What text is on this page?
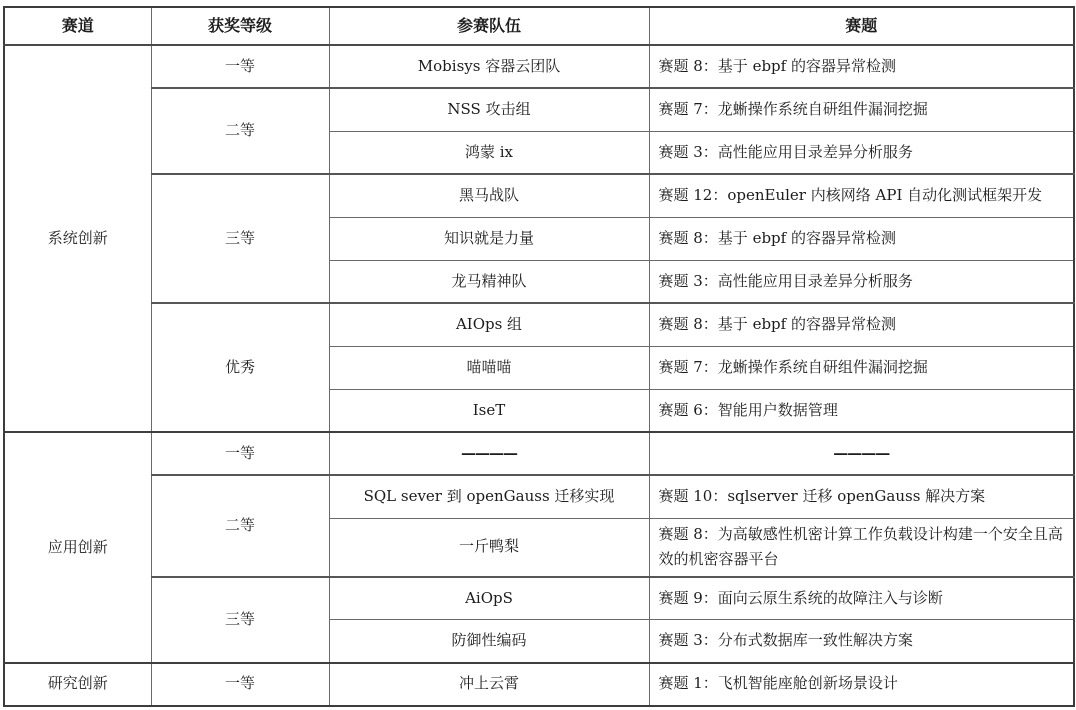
赛道	获奖等级	参赛队伍	赛题
系统创新	一等	Mobisys 容器云团队	赛题 8：基于 ebpf 的容器异常检测
	二等	NSS 攻击组	赛题 7：龙蜥操作系统自研组件漏洞挖掘
		鸿蒙 ix	赛题 3：高性能应用目录差异分析服务
	三等	黑马战队	赛题 12：openEuler 内核网络 API 自动化测试框架开发
		知识就是力量	赛题 8：基于 ebpf 的容器异常检测
		龙马精神队	赛题 3：高性能应用目录差异分析服务
	优秀	AIOps 组	赛题 8：基于 ebpf 的容器异常检测
		喵喵喵	赛题 7：龙蜥操作系统自研组件漏洞挖掘
		IseT	赛题 6：智能用户数据管理
应用创新	一等	————	————
	二等	SQL sever 到 openGauss 迁移实现	赛题 10：sqlserver 迁移 openGauss 解决方案
		一斤鸭梨	赛题 8：为高敏感性机密计算工作负载设计构建一个安全且高效的机密容器平台
	三等	AiOpS	赛题 9：面向云原生系统的故障注入与诊断
		防御性编码	赛题 3：分布式数据库一致性解决方案
研究创新	一等	冲上云霄	赛题 1：飞机智能座舱创新场景设计
